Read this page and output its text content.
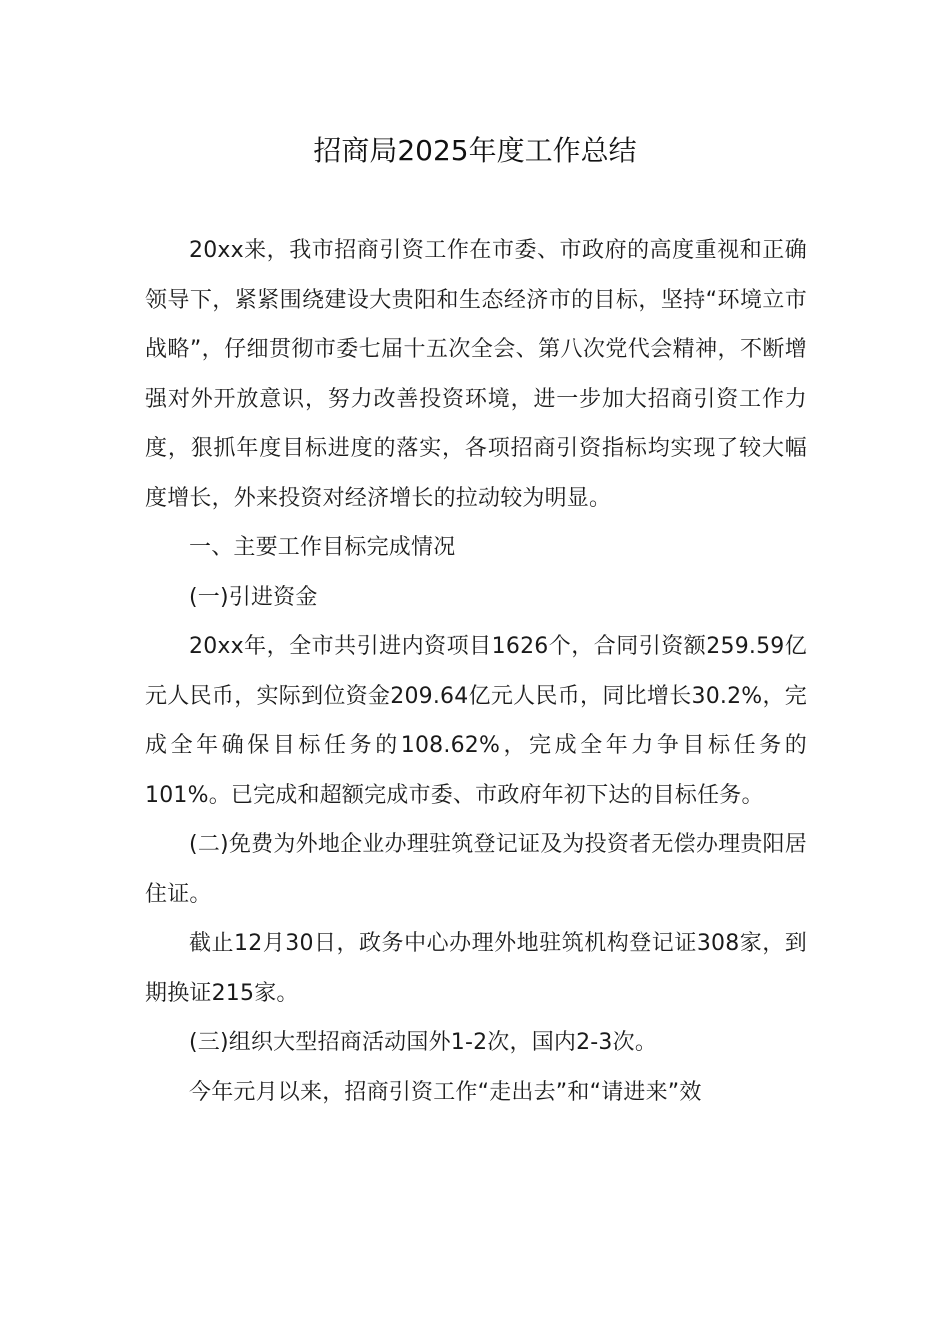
招商局2025年度工作总结

20xx来，我市招商引资工作在市委、市政府的高度重视和正确领导下，紧紧围绕建设大贵阳和生态经济市的目标，坚持“环境立市战略”，仔细贯彻市委七届十五次全会、第八次党代会精神，不断增强对外开放意识，努力改善投资环境，进一步加大招商引资工作力度，狠抓年度目标进度的落实，各项招商引资指标均实现了较大幅度增长，外来投资对经济增长的拉动较为明显。

一、主要工作目标完成情况

(一)引进资金

20xx年，全市共引进内资项目1626个，合同引资额259.59亿元人民币，实际到位资金209.64亿元人民币，同比增长30.2%，完成全年确保目标任务的108.62%，完成全年力争目标任务的101%。已完成和超额完成市委、市政府年初下达的目标任务。

(二)免费为外地企业办理驻筑登记证及为投资者无偿办理贵阳居住证。

截止12月30日，政务中心办理外地驻筑机构登记证308家，到期换证215家。

(三)组织大型招商活动国外1-2次，国内2-3次。

今年元月以来，招商引资工作“走出去”和“请进来”效
